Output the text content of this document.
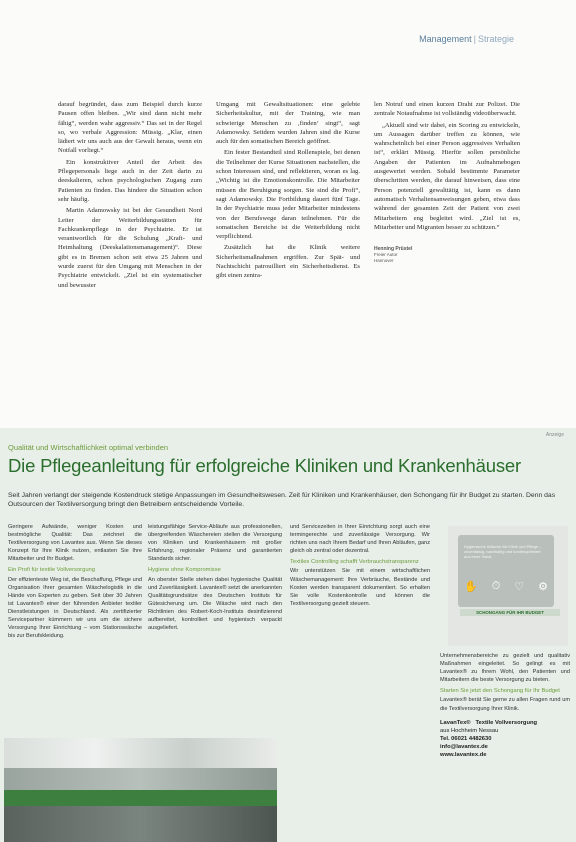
Management | Strategie

darauf begründet, dass zum Beispiel durch kurze Pausen offen bleiben. „Wir sind dann nicht mehr fähig“, werden wahr aggressiv.“ Das sei in der Regel so, wo verbale Aggression: Müssig. „Klar, einen lädiert wir uns auch aus der Gewalt heraus, wenn ein Notfall vorliegt.“

Ein konstruktiver Anteil der Arbeit des Pflegepersonals liege auch in der Zeit darin zu deeskalieren, schon psychologischen Zugang zum Patienten zu finden. Das hindere die Situation schon sehr häufig.

Martin Adamowsky ist bei der Gesundheit Nord Leiter der Weiterbildungsstätten für Fachkrankenpflege in der Psychiatrie. Er ist verantwortlich für die Schulung „Kraft- und Heimhaltung (Deeskalationsmanagement)“. Diese gibt es in Bremen schon seit etwa 25 Jahren und wurde zuerst für den Umgang mit Menschen in der Psychiatrie entwickelt. „Ziel ist ein systematischer und bewusster

Umgang mit Gewaltsituationen: eine gelebte Sicherheitskultur, mit der Training, wie man schwierige Menschen zu ‚finden‘ singt“, sagt Adamowsky. Seitdem wurden Jahren sind die Kurse auch für den somatischen Bereich geöffnet.

Ein fester Bestandteil sind Rollenspiele, bei denen die Teilnehmer der Kurse Situationen nachstellen, die schon Interessen sind, und reflektieren, woran es lag. „Wichtig ist die Emotionskontrolle. Die Mitarbeiter müssen die Beruhigung sorgen. Sie sind die Profi“, sagt Adamowsky. Die Fortbildung dauert fünf Tage. In der Psychiatrie muss jeder Mitarbeiter mindestens von der Berufswege daran teilnehmen. Für die somatischen Bereiche ist die Weiterbildung nicht verpflichtend.

Zusätzlich hat die Klinik weitere Sicherheitsmaßnahmen ergriffen. Zur Spät- und Nachtschicht patrouilliert ein Sicherheitsdienst. Es gibt einen zentra-

len Notruf und einen kurzen Draht zur Polizei. Die zentrale Notaufnahme ist vollständig videoüberwacht.

„Aktuell sind wir dabei, ein Scoring zu entwickeln, um Aussagen darüber treffen zu können, wie wahrscheinlich bei einer Person aggressives Verhalten ist“, erklärt Müssig. Hierfür sollen persönliche Angaben der Patienten im Aufnahmebogen ausgewertet werden. Sobald bestimmte Parameter überschritten werden, die darauf hinweisen, dass eine Person potenziell gewalttätig ist, kann es dann automatisch Verhaltensanweisungen geben, etwa dass während der gesamten Zeit der Patient von zwei Mitarbeitern eng begleitet wird. „Ziel ist es, Mitarbeiter und Migranten besser zu schützen.“

Henning Prüstel
Freier Autor
Hannover
Anzeige
Qualität und Wirtschaftlichkeit optimal verbinden
Die Pflegeanleitung für erfolgreiche Kliniken und Krankenhäuser
Seit Jahren verlangt der steigende Kostendruck stetige Anpassungen im Gesundheitswesen. Zeit für Kliniken und Krankenhäuser, den Schongang für ihr Budget zu starten. Denn das Outsourcen der Textilversorgung bringt den Betreibern entscheidende Vorteile.

Geringere Aufwände, weniger Kosten und bestmögliche Qualität: Das zeichnet die Textilversorgung von Lavantex aus. Wenn Sie dieses Konzept für Ihre Klinik nutzen, entlasten Sie Ihre Mitarbeiter und Ihr Budget.

Ein Profi für textile Vollversorgung

Der effizienteste Weg ist, die Beschaffung, Pflege und Organisation Ihrer gesamten Wäschelogistik in die Hände von Experten zu geben. Seit über 30 Jahren ist Lavantex® einer der führenden Anbieter textiler Dienstleistungen in Deutschland. Als zertifizierter Servicepartner kümmern wir uns um die sichere Versorgung Ihrer Einrichtung – vom Stationswäsche bis zur Berufskleidung.

leistungsfähige Service-Abläufe aus professionellen, übergreifenden Wäschereien stellen die Versorgung von Kliniken und Krankenhäusern mit großer Erfahrung, regionaler Präsenz und garantierten Standards sicher.

Hygiene ohne Kompromisse

An oberster Stelle stehen dabei hygienische Qualität und Zuverlässigkeit. Lavantex® setzt die anerkannten Qualitätsgrundsätze des Deutschen Instituts für Gütesicherung um. Die Wäsche wird nach den Richtlinien des Robert-Koch-Instituts desinfizierend aufbereitet, kontrolliert und hygienisch verpackt ausgeliefert.

und Servicezeiten in Ihrer Einrichtung sorgt auch eine termingerechte und zuverlässige Versorgung. Wir richten uns nach Ihrem Bedarf und Ihren Abläufen, ganz gleich ob zentral oder dezentral.

Textiles Controlling schafft Verbrauchstransparenz

Wir unterstützen Sie mit einem wirtschaftlichen Wäschemanagement: Ihre Verbräuche, Bestände und Kosten werden transparent dokumentiert. So erhalten Sie volle Kostenkontrolle und können die Textilversorgung gezielt steuern.

Hygienische Wäsche für Klinik und Pflege – zuverlässig, nachhaltig und kostenoptimiert aus einer Hand.
✋ ⏱ ♡ ⚙
SCHONGANG FÜR IHR BUDGET

Unternehmensbereiche zu gezielt und qualitativ Maßnahmen eingeleitet. So gelingt es mit Lavantex® zu Ihrem Wohl, den Patienten und Mitarbeitern die beste Versorgung zu bieten.

Starten Sie jetzt den Schongang für Ihr Budget

Lavantex® berät Sie gerne zu allen Fragen rund um die Textilversorgung Ihrer Klinik.

LavanTex® Textile Vollversorgung
aus Hochheim Nessau
Tel. 06021 4482630
info@lavantex.de
www.lavantex.de
